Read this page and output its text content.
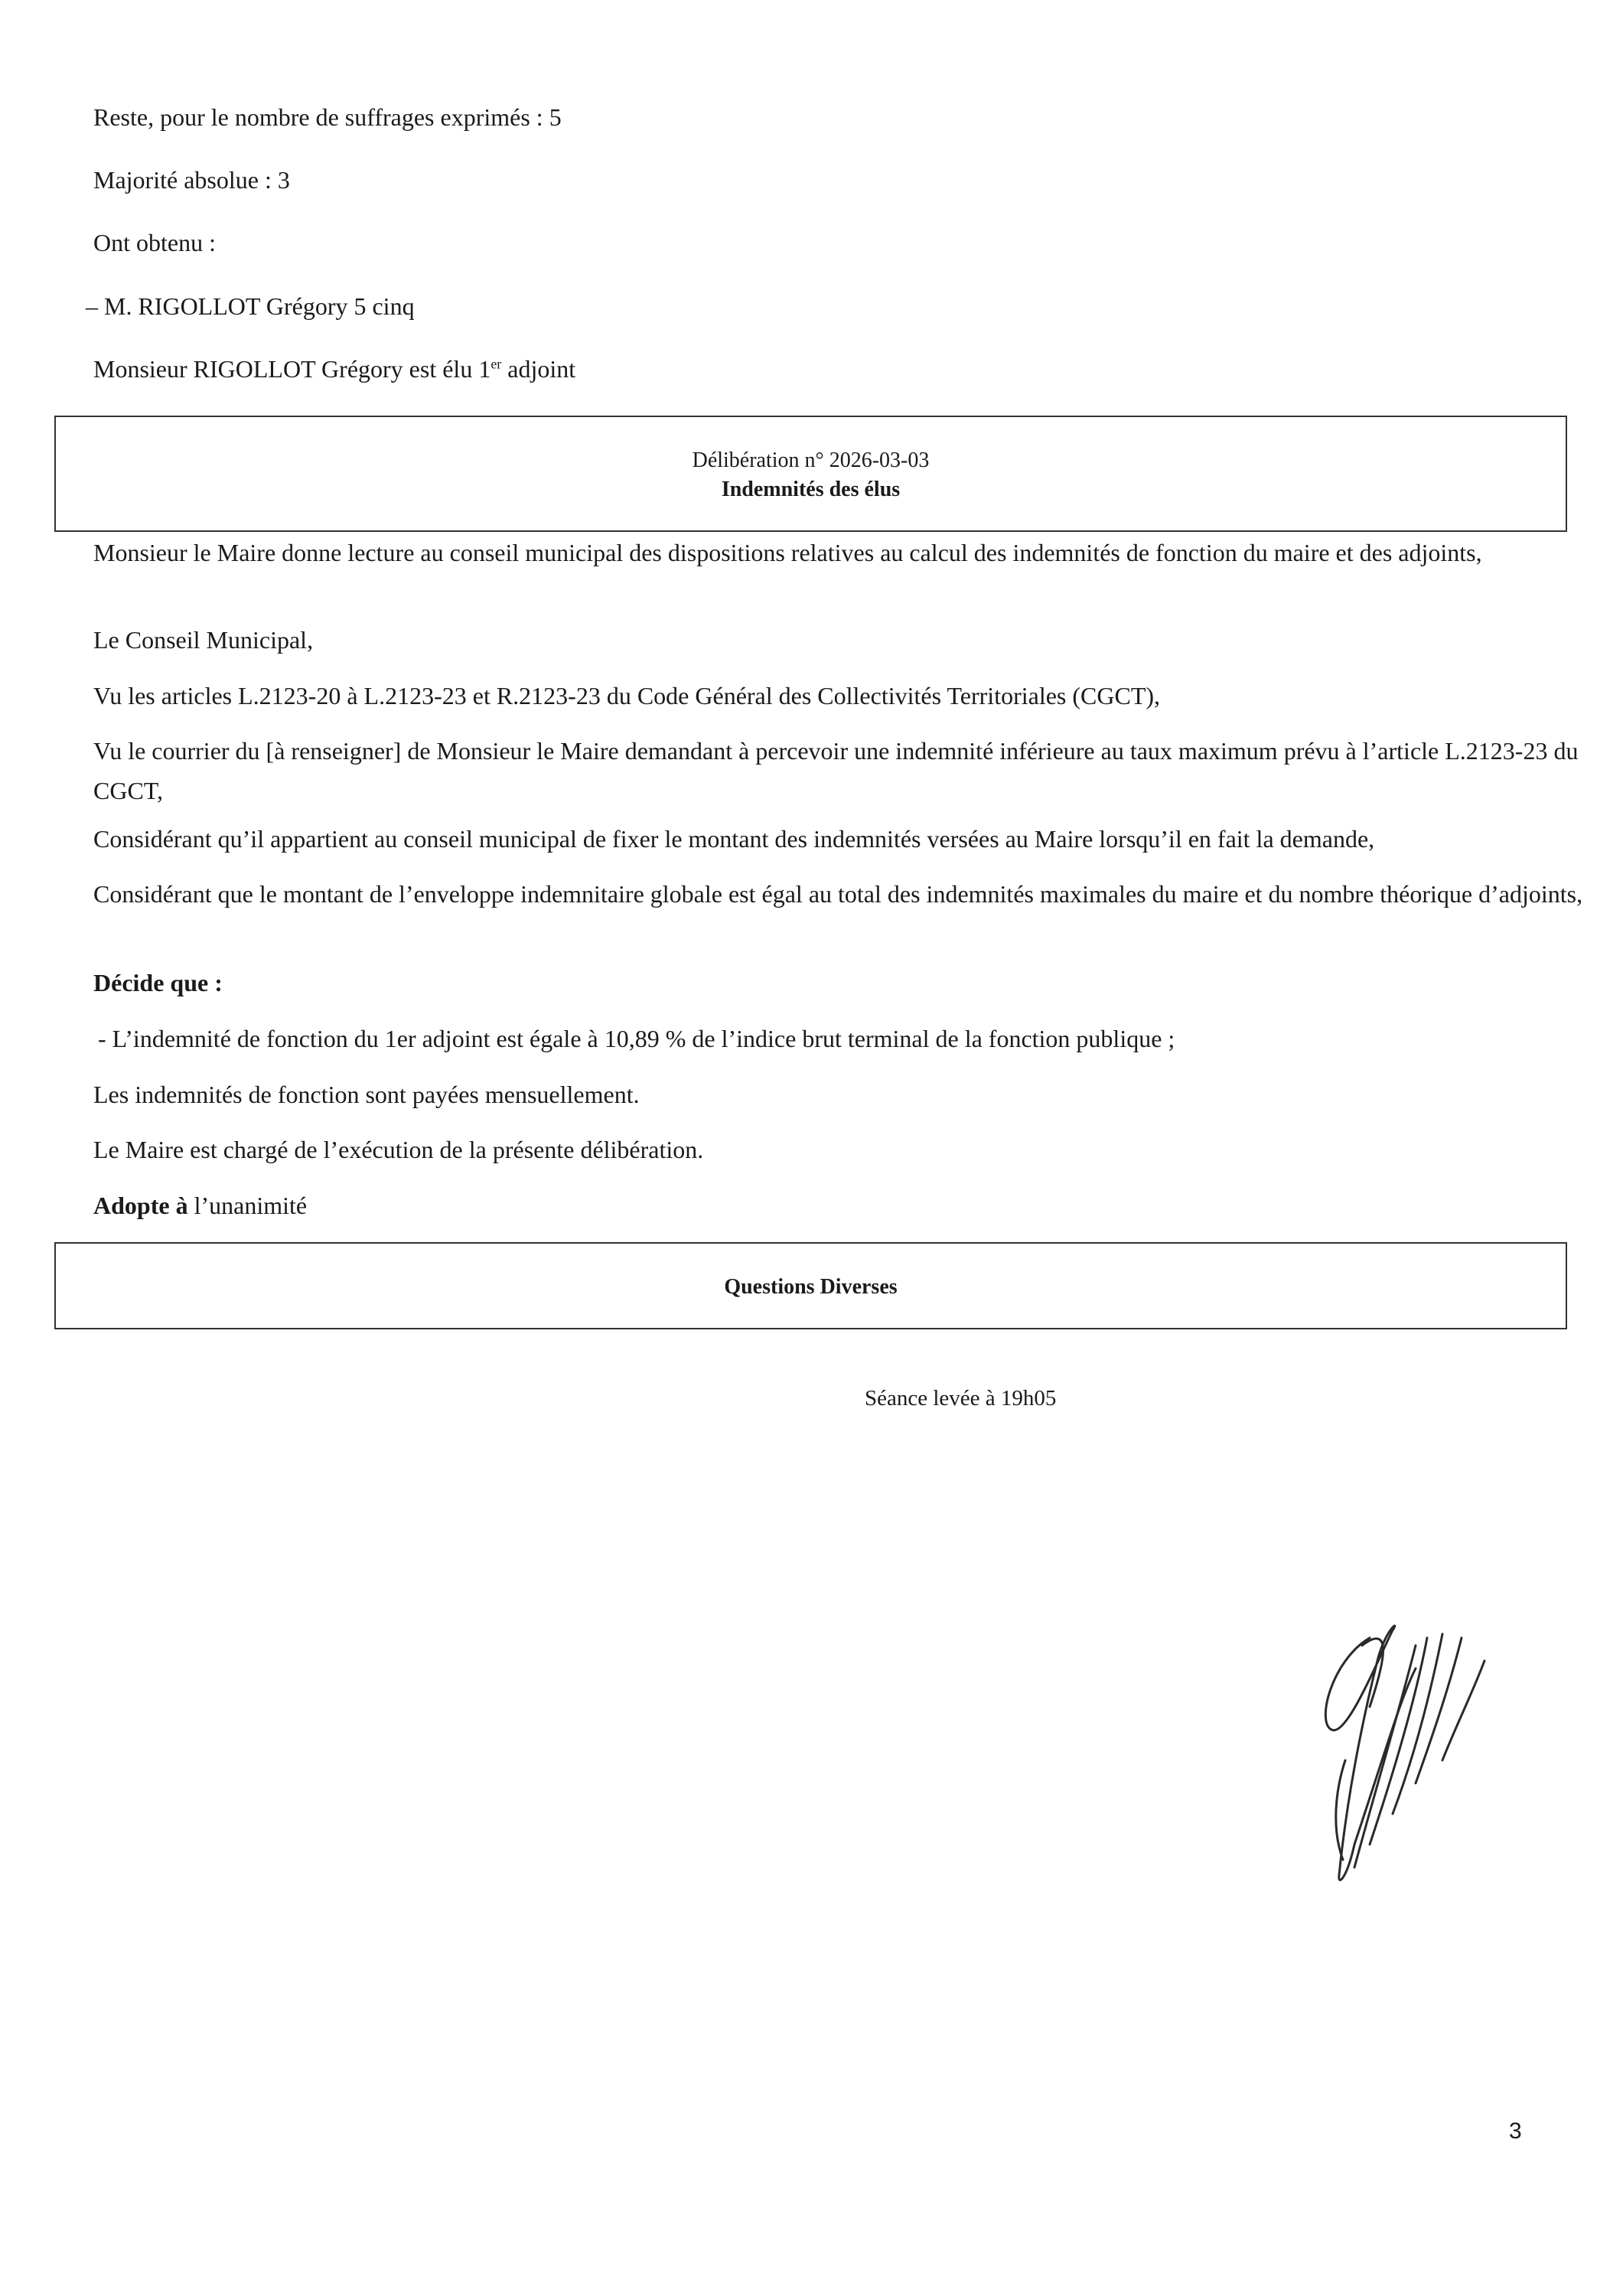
Reste, pour le nombre de suffrages exprimés : 5
Majorité absolue : 3
Ont obtenu :
– M. RIGOLLOT Grégory 5 cinq
Monsieur RIGOLLOT Grégory est élu 1er adjoint
Délibération n° 2026-03-03
Indemnités des élus
Monsieur le Maire donne lecture au conseil municipal des dispositions relatives au calcul des indemnités de fonction du maire et des adjoints,
Le Conseil Municipal,
Vu les articles L.2123-20 à L.2123-23 et R.2123-23 du Code Général des Collectivités Territoriales (CGCT),
Vu le courrier du [à renseigner] de Monsieur le Maire demandant à percevoir une indemnité inférieure au taux maximum prévu à l’article L.2123-23 du CGCT,
Considérant qu’il appartient au conseil municipal de fixer le montant des indemnités versées au Maire lorsqu’il en fait la demande,
Considérant que le montant de l’enveloppe indemnitaire globale est égal au total des indemnités maximales du maire et du nombre théorique d’adjoints,
Décide que :
- L’indemnité de fonction du 1er adjoint est égale à 10,89 % de l’indice brut terminal de la fonction publique ;
Les indemnités de fonction sont payées mensuellement.
Le Maire est chargé de l’exécution de la présente délibération.
Adopte à l’unanimité
Questions Diverses
Séance levée à 19h05
3
